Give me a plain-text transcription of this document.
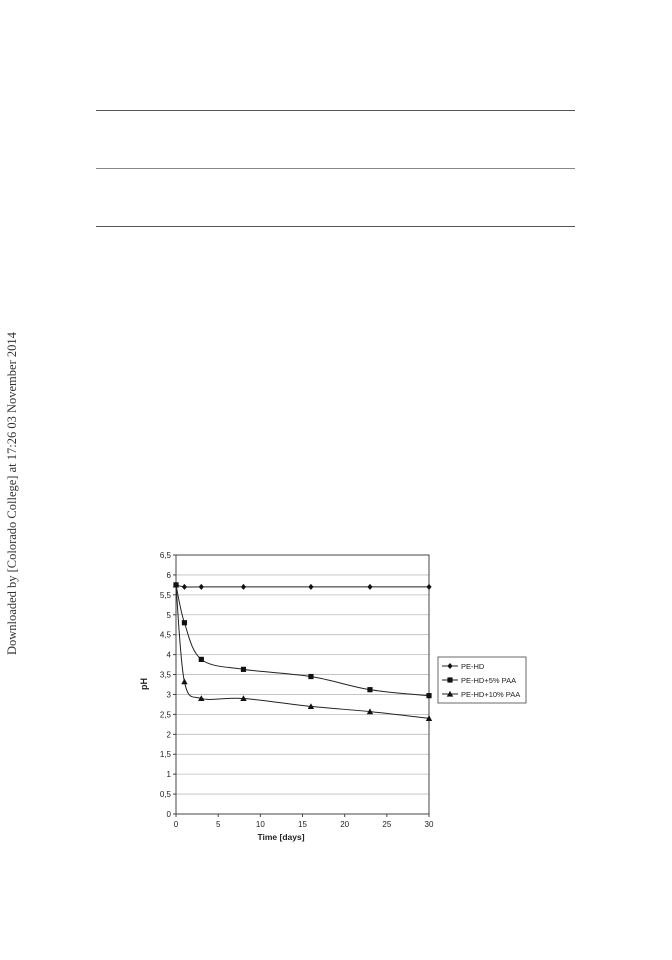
Downloaded by [Colorado College] at 17:26 03 November 2014
0
0,5
1
1,5
2
2,5
3
3,5
4
4,5
5
5,5
6
6,5
0	5	10	15	20	25	30
pH
Time [days]
PE-HD
PE-HD+5% PAA
PE-HD+10% PAA
